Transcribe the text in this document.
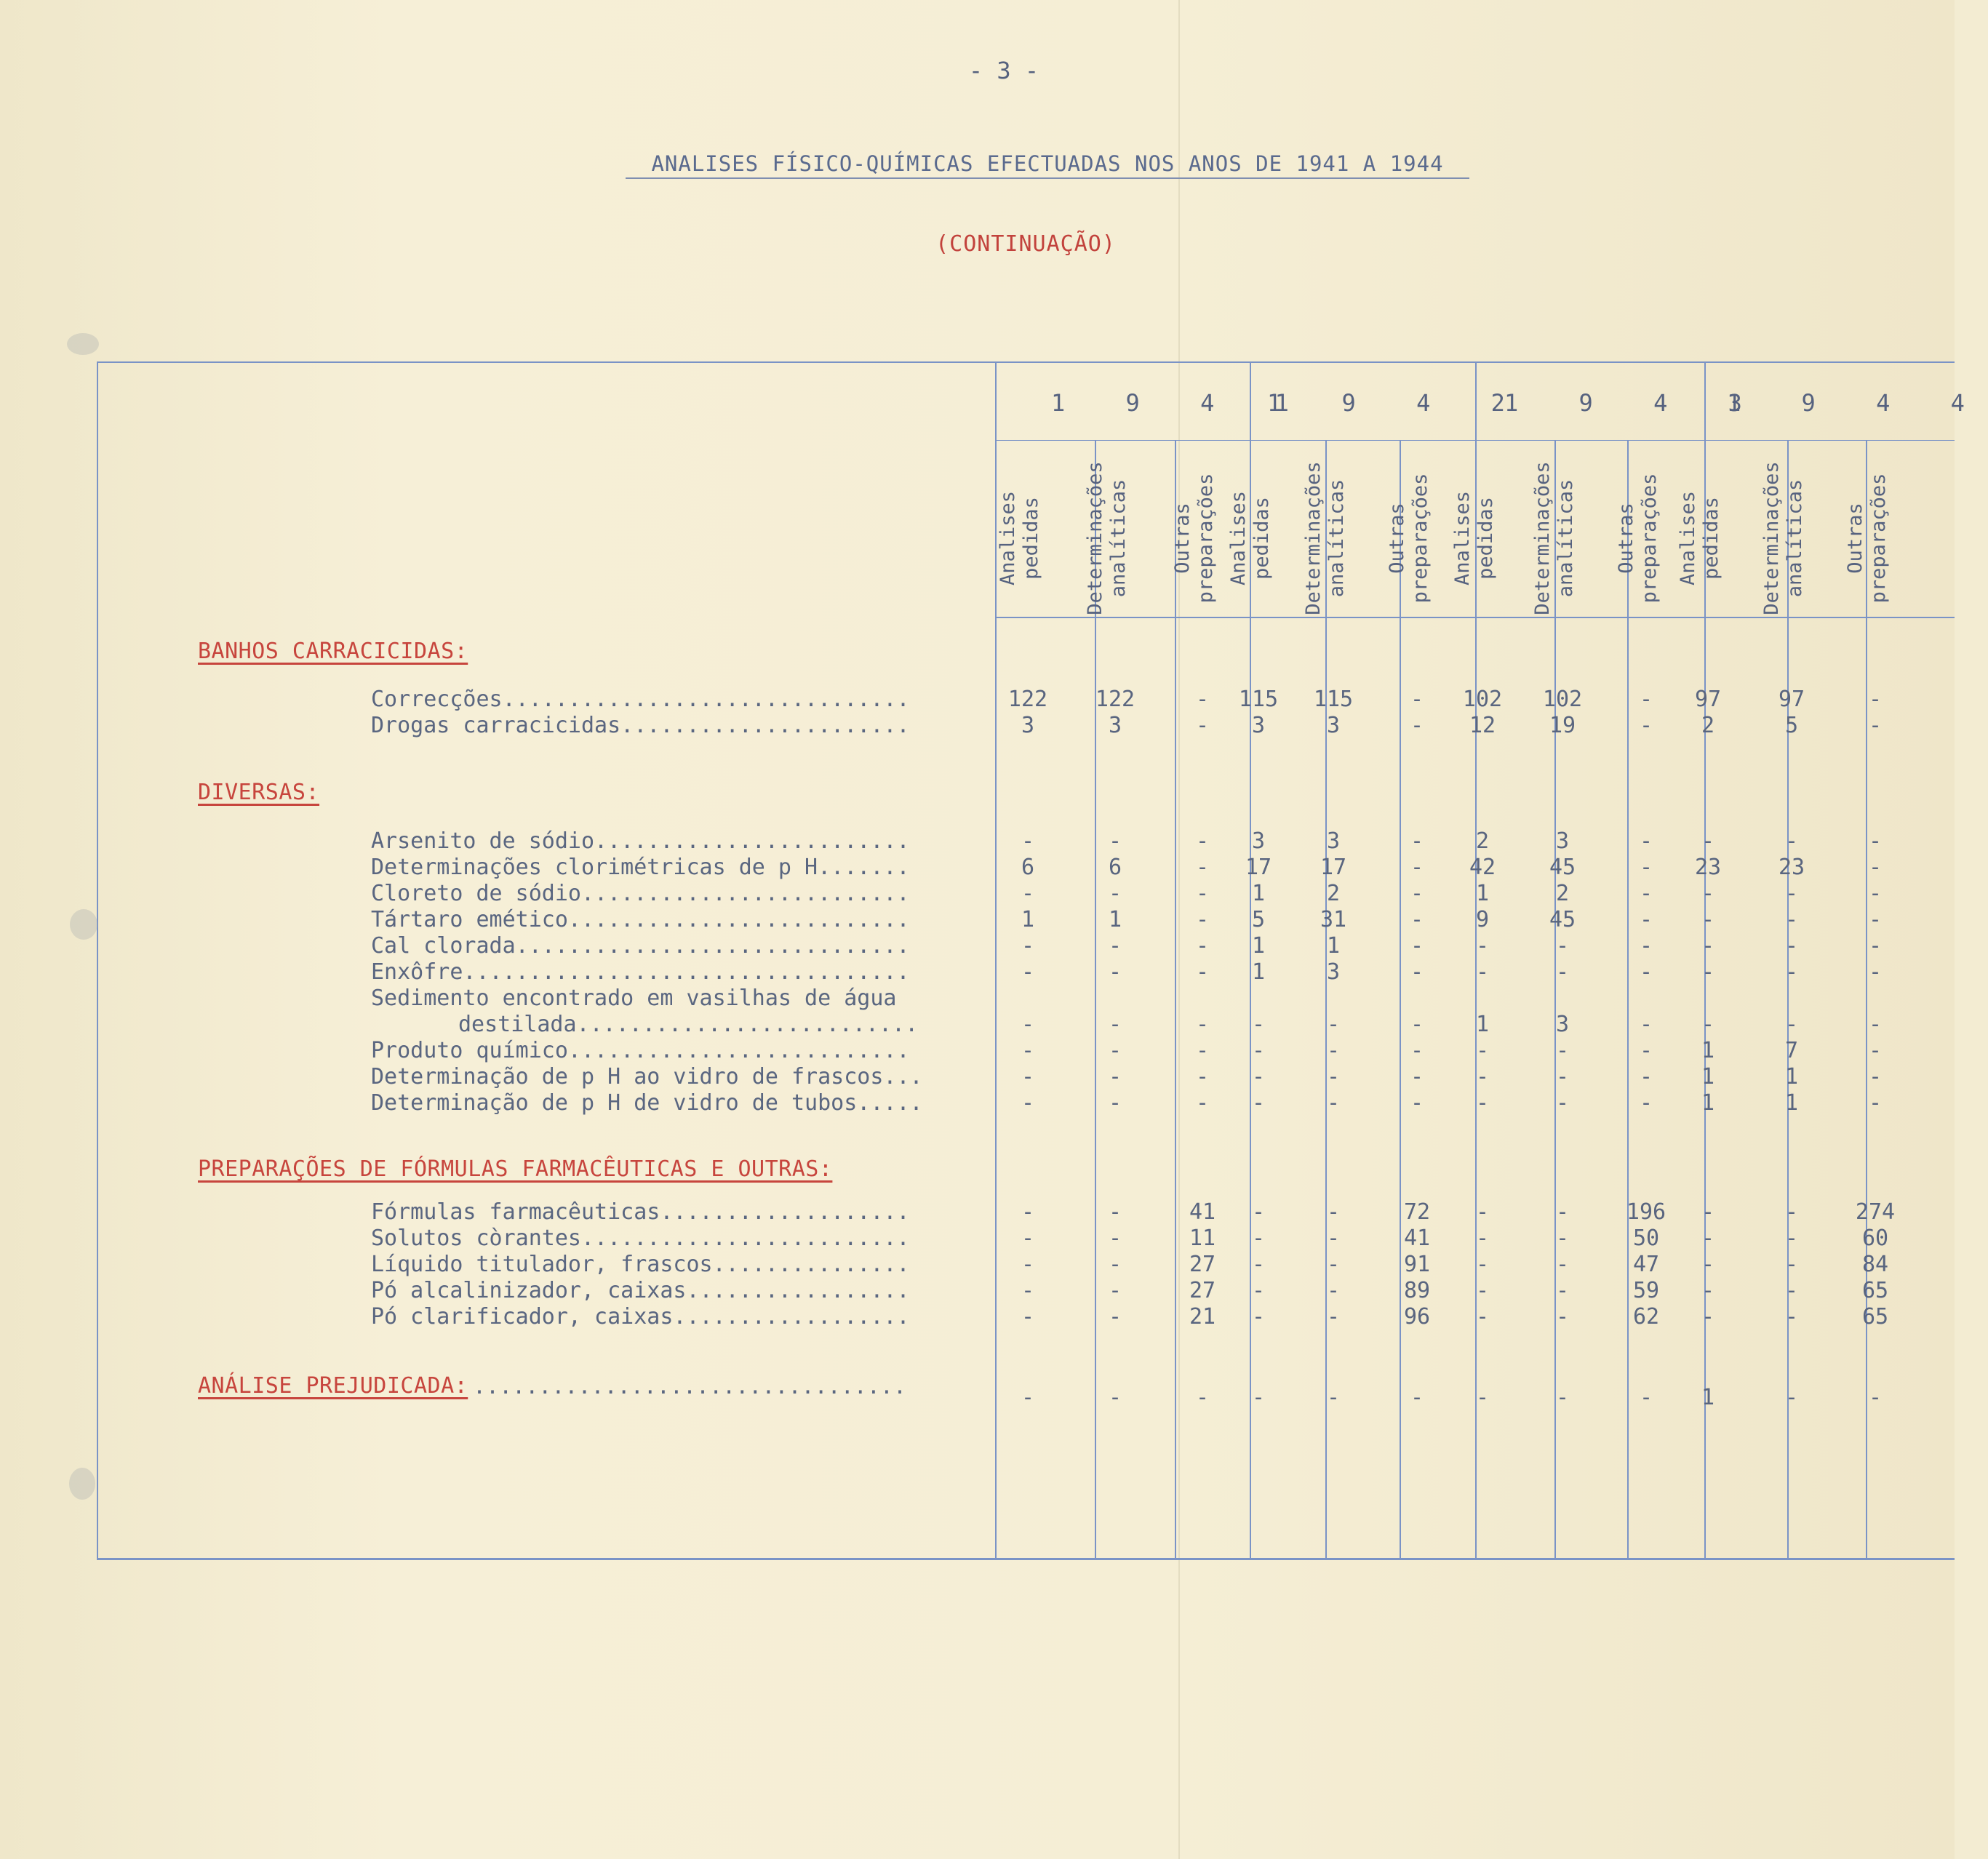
- 3 -
ANALISES FÍSICO-QUÍMICAS EFECTUADAS NOS ANOS DE 1941 A 1944
(CONTINUAÇÃO)
1 9 4 1
1 9 4 2
1 9 4 3
1 9 4 4
Analises pedidas Determinações analíticas Outras preparações Analises pedidas Determinações analíticas Outras preparações Analises pedidas Determinações analíticas Outras preparações Analises pedidas Determinações analíticas Outras preparações
BANHOS CARRACICIDAS:
Correcções...............................	122	122	-	115	115	-	102	102	-	97	97	-
Drogas carracicidas......................	3	3	-	3	3	-	12	19	-	2	5	-
DIVERSAS:
Arsenito de sódio........................	-	-	-	3	3	-	2	3	-	-	-	-
Determinações clorimétricas de p H.......	6	6	-	17	17	-	42	45	-	23	23	-
Cloreto de sódio.........................	-	-	-	1	2	-	1	2	-	-	-	-
Tártaro emético..........................	1	1	-	5	31	-	9	45	-	-	-	-
Cal clorada..............................	-	-	-	1	1	-	-	-	-	-	-	-
Enxôfre..................................	-	-	-	1	3	-	-	-	-	-	-	-
Sedimento encontrado em vasilhas de água
destilada..........................	-	-	-	-	-	-	1	3	-	-	-	-
Produto químico..........................	-	-	-	-	-	-	-	-	-	1	7	-
Determinação de p H ao vidro de frascos...	-	-	-	-	-	-	-	-	-	1	1	-
Determinação de p H de vidro de tubos.....	-	-	-	-	-	-	-	-	-	1	1	-
PREPARAÇÕES DE FÓRMULAS FARMACÊUTICAS E OUTRAS:
Fórmulas farmacêuticas...................	-	-	41	-	-	72	-	-	196	-	-	274
Solutos còrantes.........................	-	-	11	-	-	41	-	-	50	-	-	60
Líquido titulador, frascos...............	-	-	27	-	-	91	-	-	47	-	-	84
Pó alcalinizador, caixas.................	-	-	27	-	-	89	-	-	59	-	-	65
Pó clarificador, caixas..................	-	-	21	-	-	96	-	-	62	-	-	65
ANÁLISE PREJUDICADA: .................................	-	-	-	-	-	-	-	-	-	1	-	-
